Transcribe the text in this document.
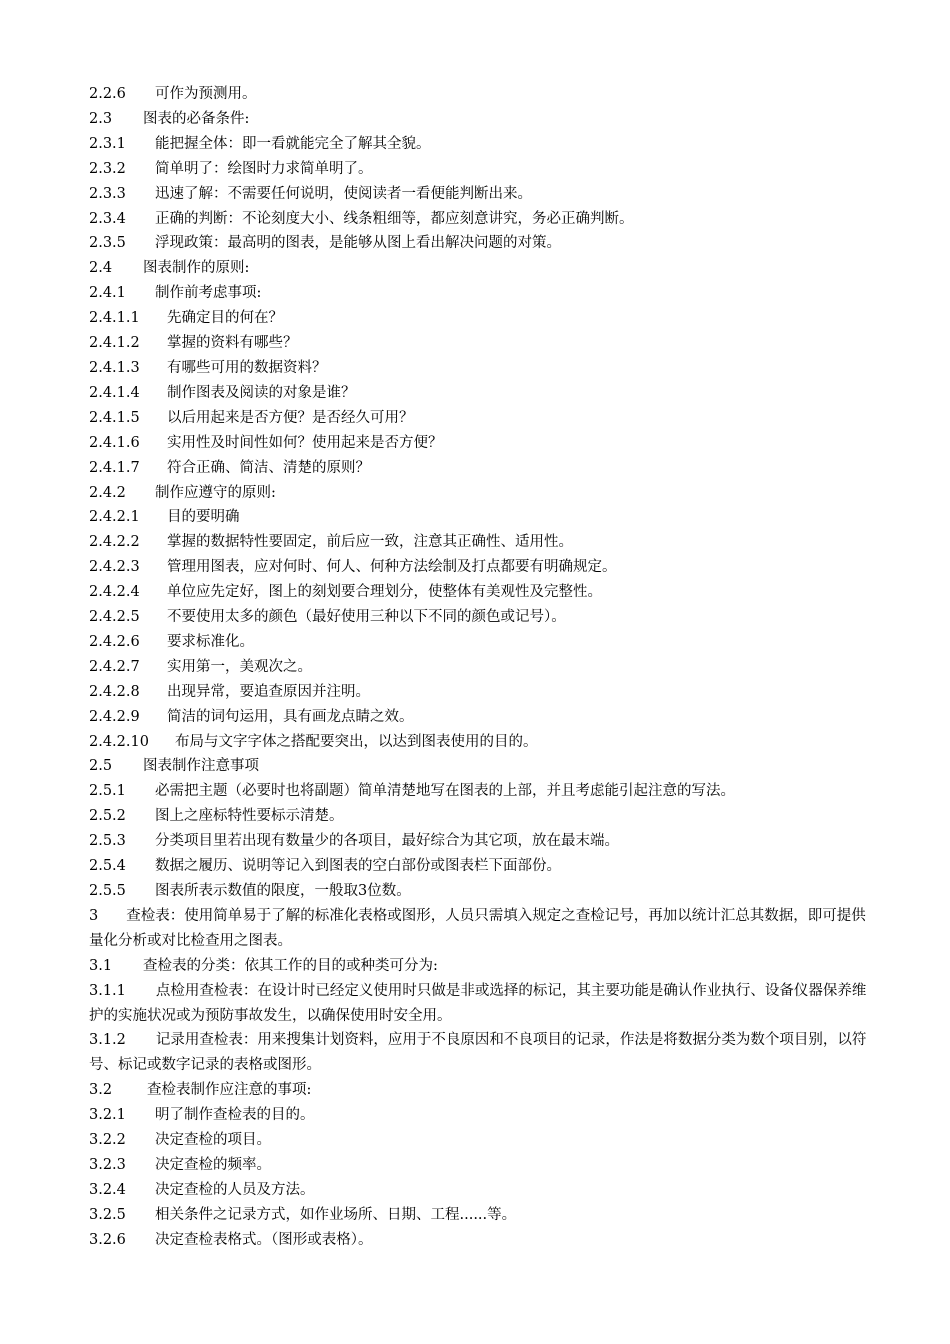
2.2.6	可作为预测用。
2.3	图表的必备条件:
2.3.1	能把握全体：即一看就能完全了解其全貌。
2.3.2	简单明了：绘图时力求简单明了。
2.3.3	迅速了解：不需要任何说明，使阅读者一看便能判断出来。
2.3.4	正确的判断：不论刻度大小、线条粗细等，都应刻意讲究，务必正确判断。
2.3.5	浮现政策：最高明的图表，是能够从图上看出解决问题的对策。
2.4	图表制作的原则:
2.4.1	制作前考虑事项:
2.4.1.1	先确定目的何在？
2.4.1.2	掌握的资料有哪些？
2.4.1.3	有哪些可用的数据资料？
2.4.1.4	制作图表及阅读的对象是谁？
2.4.1.5	以后用起来是否方便？是否经久可用？
2.4.1.6	实用性及时间性如何？使用起来是否方便？
2.4.1.7	符合正确、简洁、清楚的原则？
2.4.2	制作应遵守的原则:
2.4.2.1	目的要明确
2.4.2.2	掌握的数据特性要固定，前后应一致，注意其正确性、适用性。
2.4.2.3	管理用图表，应对何时、何人、何种方法绘制及打点都要有明确规定。
2.4.2.4	单位应先定好，图上的刻划要合理划分，使整体有美观性及完整性。
2.4.2.5	不要使用太多的颜色（最好使用三种以下不同的颜色或记号）。
2.4.2.6	要求标准化。
2.4.2.7	实用第一，美观次之。
2.4.2.8	出现异常，要追查原因并注明。
2.4.2.9	简洁的词句运用，具有画龙点睛之效。
2.4.2.10	布局与文字字体之搭配要突出，以达到图表使用的目的。
2.5	图表制作注意事项
2.5.1	必需把主题（必要时也将副题）简单清楚地写在图表的上部，并且考虑能引起注意的写法。
2.5.2	图上之座标特性要标示清楚。
2.5.3	分类项目里若出现有数量少的各项目，最好综合为其它项，放在最末端。
2.5.4	数据之履历、说明等记入到图表的空白部份或图表栏下面部份。
2.5.5	图表所表示数值的限度，一般取3位数。
3 查检表：使用简单易于了解的标准化表格或图形，人员只需填入规定之查检记号，再加以统计汇总其数据，即可提供量化分析或对比检查用之图表。
3.1	查检表的分类：依其工作的目的或种类可分为:
3.1.1 点检用查检表：在设计时已经定义使用时只做是非或选择的标记，其主要功能是确认作业执行、设备仪器保养维护的实施状况或为预防事故发生，以确保使用时安全用。
3.1.2 记录用查检表：用来搜集计划资料，应用于不良原因和不良项目的记录，作法是将数据分类为数个项目别，以符号、标记或数字记录的表格或图形。
3.2	查检表制作应注意的事项:
3.2.1	明了制作查检表的目的。
3.2.2	决定查检的项目。
3.2.3	决定查检的频率。
3.2.4	决定查检的人员及方法。
3.2.5	相关条件之记录方式，如作业场所、日期、工程......等。
3.2.6	决定查检表格式。（图形或表格）。
